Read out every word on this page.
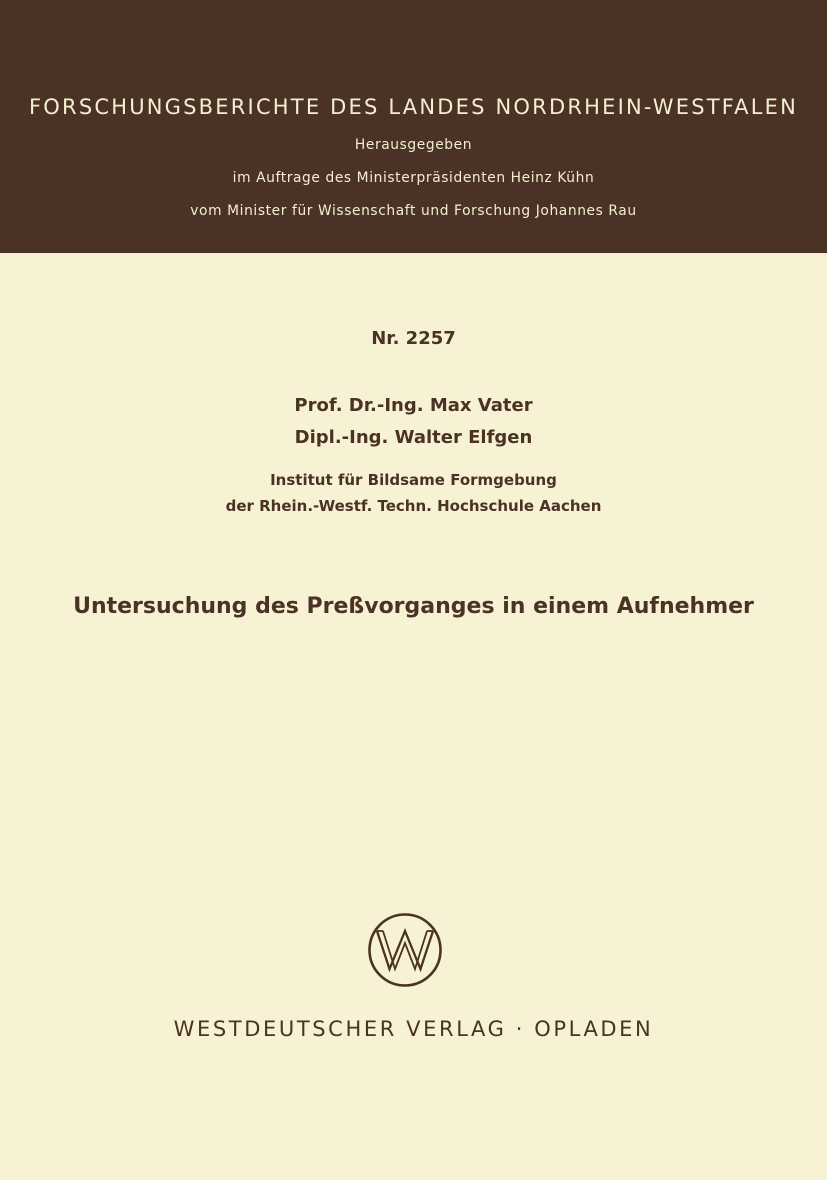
FORSCHUNGSBERICHTE DES LANDES NORDRHEIN-WESTFALEN
Herausgegeben
im Auftrage des Ministerpräsidenten Heinz Kühn
vom Minister für Wissenschaft und Forschung Johannes Rau
Nr. 2257
Prof. Dr.-Ing. Max Vater
Dipl.-Ing. Walter Elfgen
Institut für Bildsame Formgebung
der Rhein.-Westf. Techn. Hochschule Aachen
Untersuchung des Preßvorganges in einem Aufnehmer
WESTDEUTSCHER VERLAG · OPLADEN
